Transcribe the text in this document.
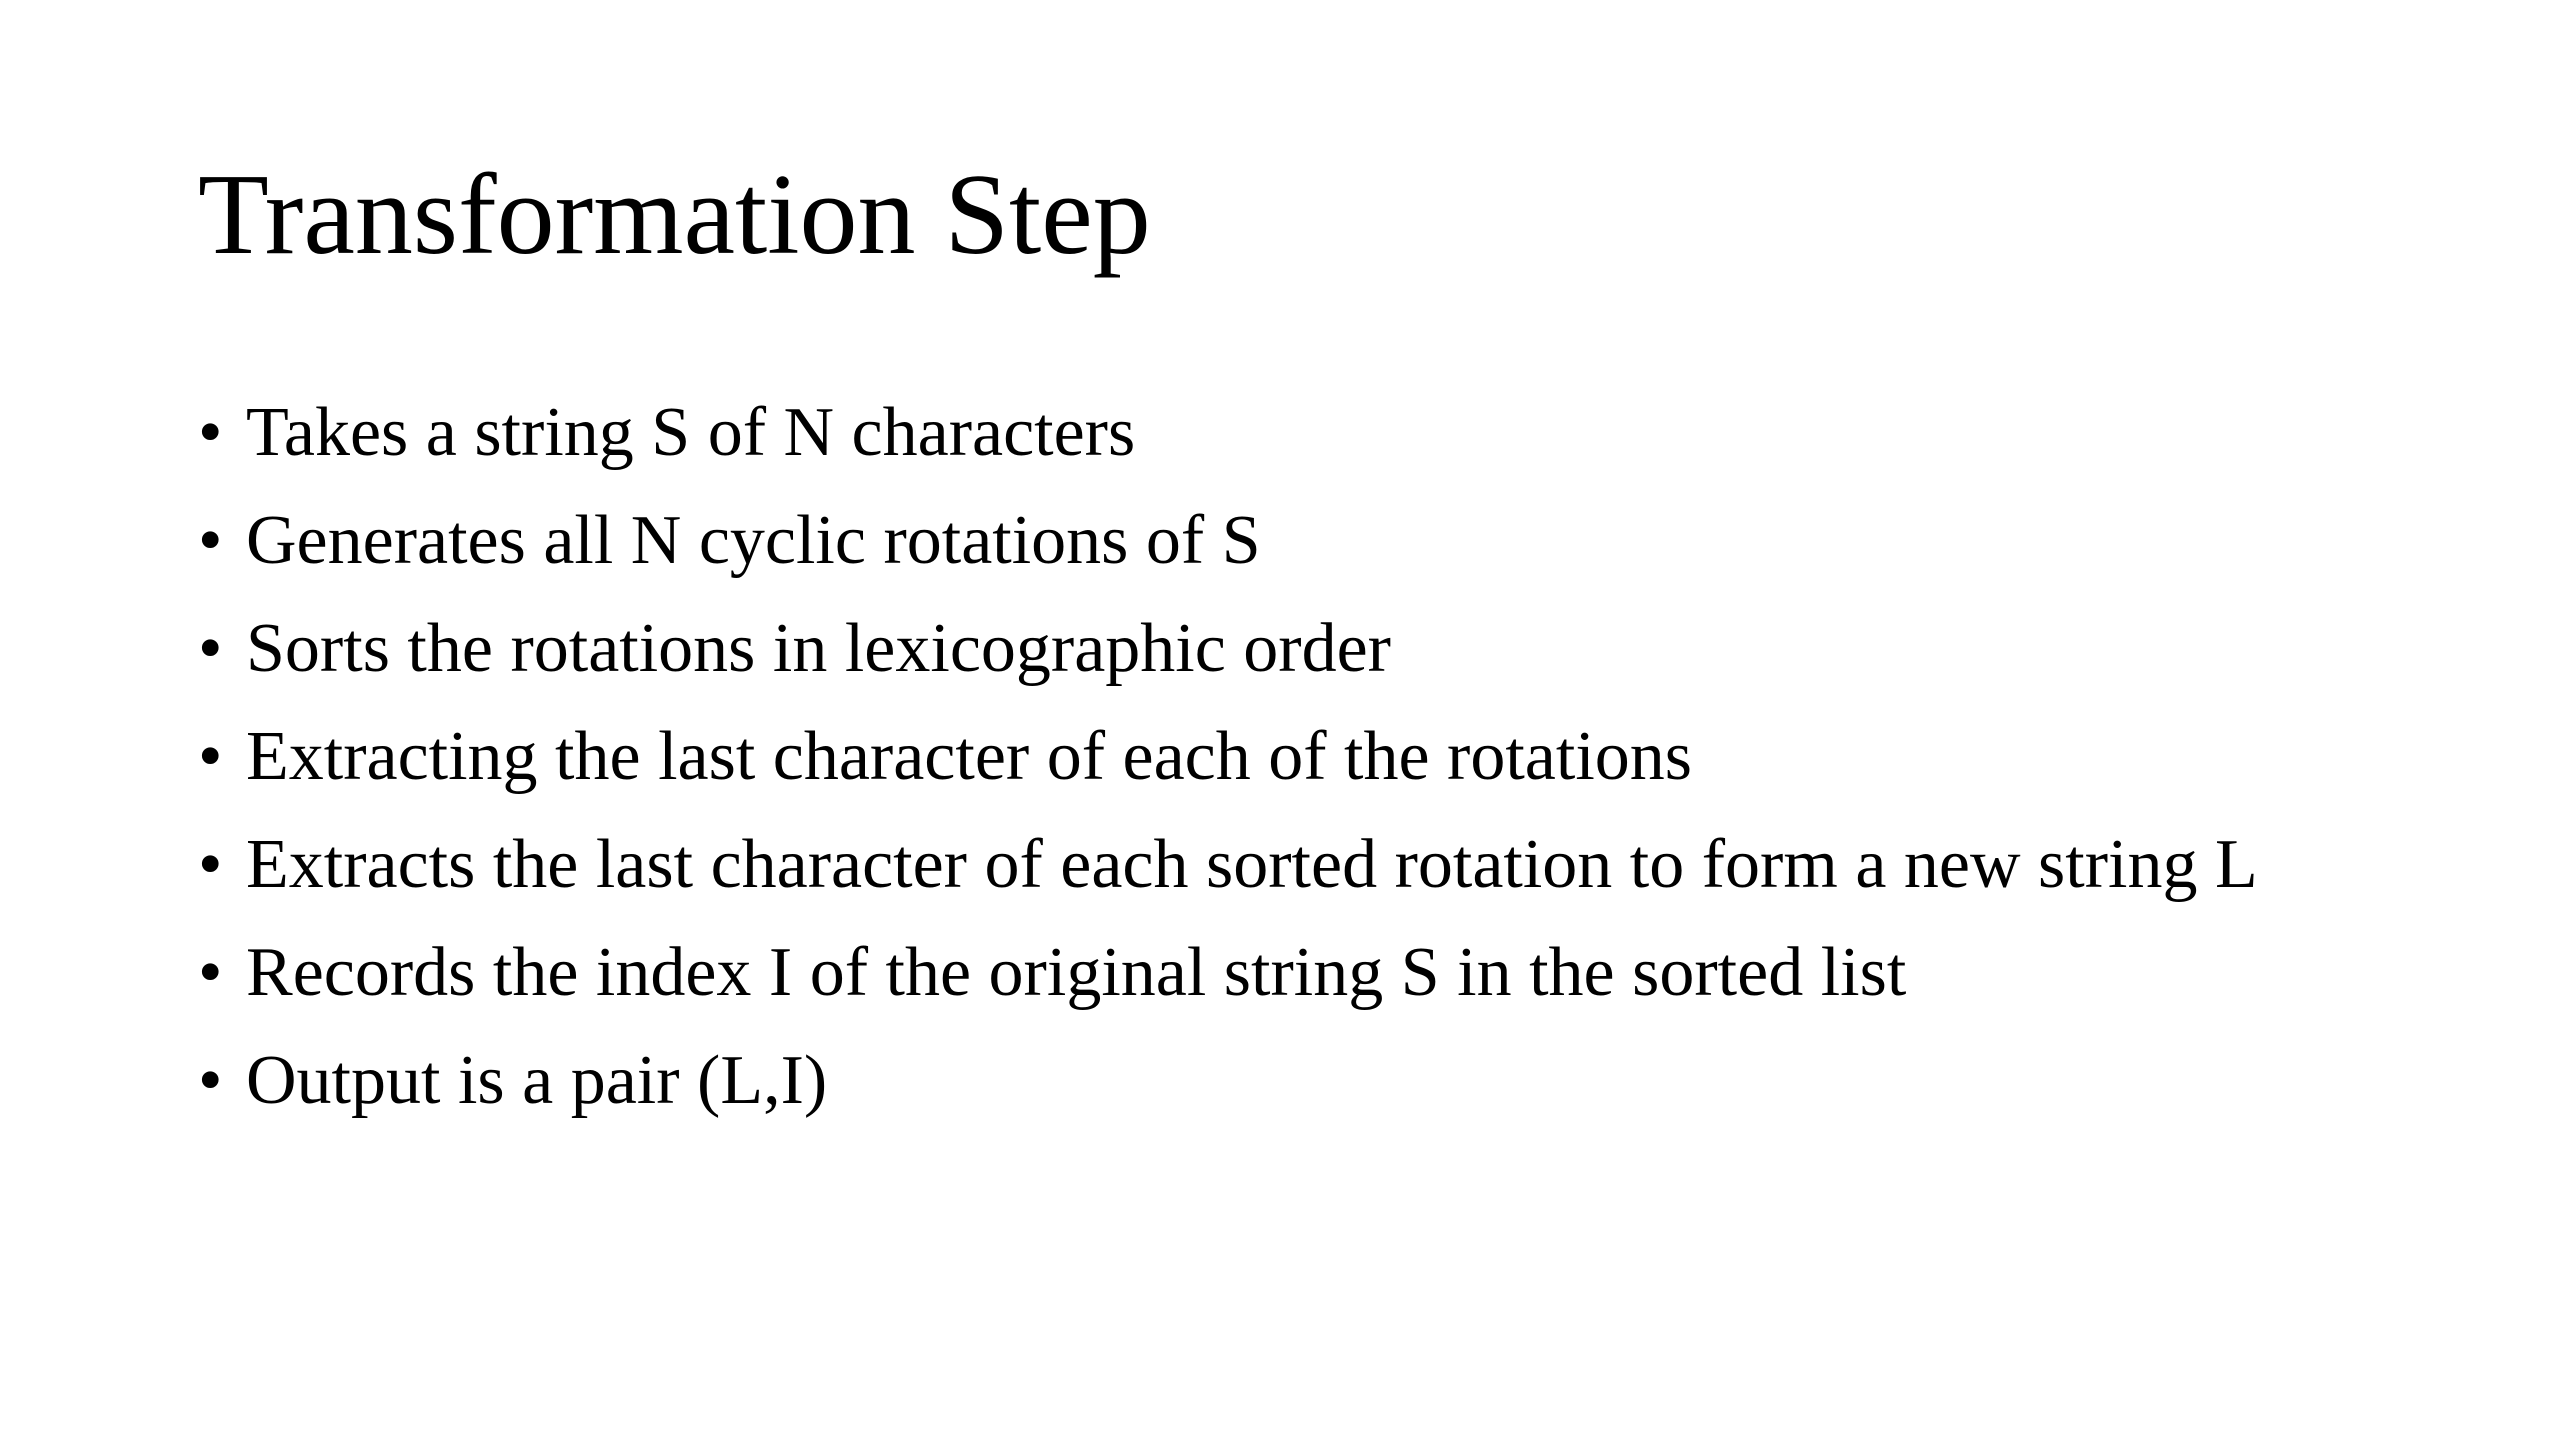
Transformation Step
• Takes a string S of N characters
• Generates all N cyclic rotations of S
• Sorts the rotations in lexicographic order
• Extracting the last character of each of the rotations
• Extracts the last character of each sorted rotation to form a new string L
• Records the index I of the original string S in the sorted list
• Output is a pair (L,I)
